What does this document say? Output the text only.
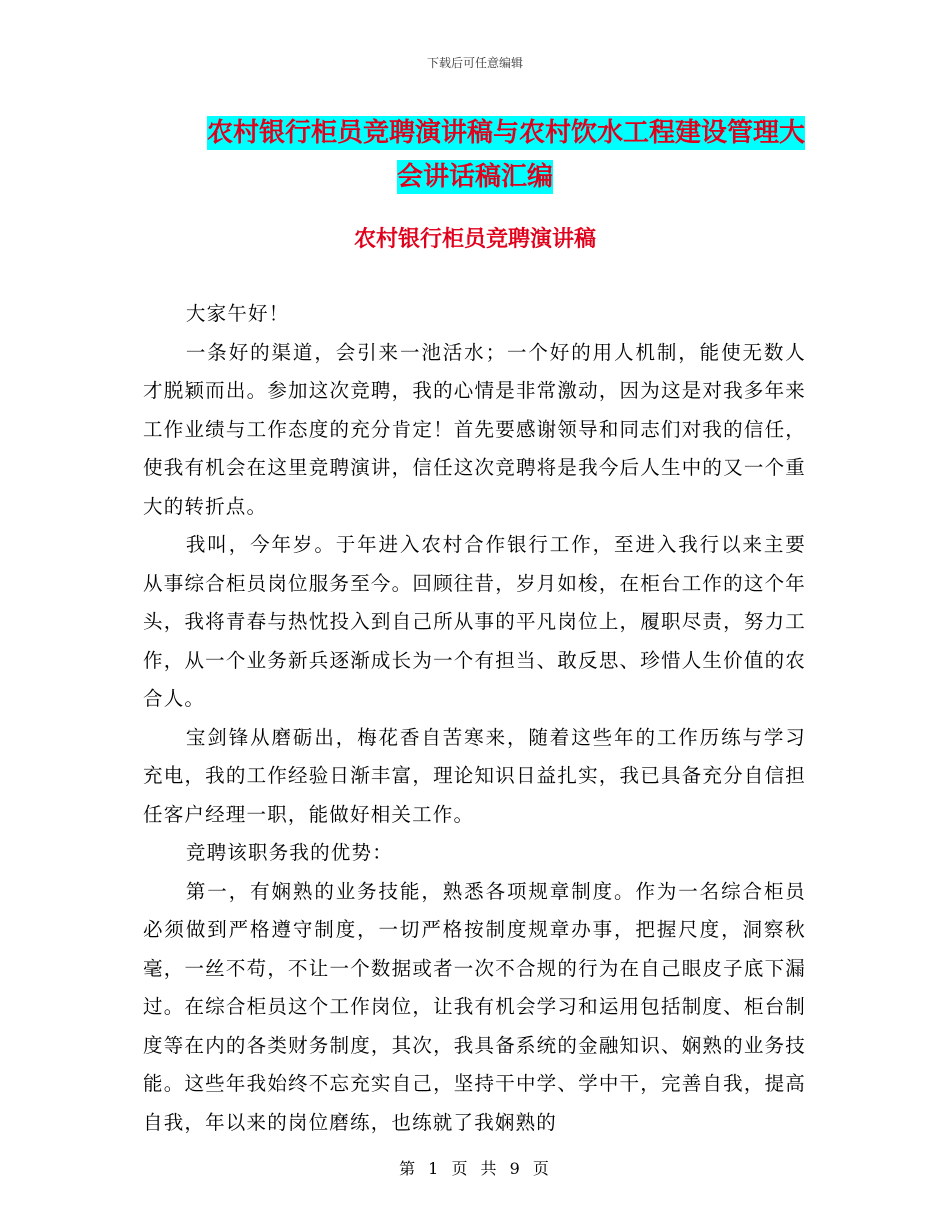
下载后可任意编辑
农村银行柜员竞聘演讲稿与农村饮水工程建设管理大
会讲话稿汇编
农村银行柜员竞聘演讲稿

大家午好！

一条好的渠道，会引来一池活水；一个好的用人机制，能使无数人才脱颖而出。参加这次竞聘，我的心情是非常激动，因为这是对我多年来工作业绩与工作态度的充分肯定！首先要感谢领导和同志们对我的信任，使我有机会在这里竞聘演讲，信任这次竞聘将是我今后人生中的又一个重大的转折点。

我叫，今年岁。于年进入农村合作银行工作，至进入我行以来主要从事综合柜员岗位服务至今。回顾往昔，岁月如梭，在柜台工作的这个年头，我将青春与热忱投入到自己所从事的平凡岗位上，履职尽责，努力工作，从一个业务新兵逐渐成长为一个有担当、敢反思、珍惜人生价值的农合人。

宝剑锋从磨砺出，梅花香自苦寒来，随着这些年的工作历练与学习充电，我的工作经验日渐丰富，理论知识日益扎实，我已具备充分自信担任客户经理一职，能做好相关工作。

竞聘该职务我的优势：

第一，有娴熟的业务技能，熟悉各项规章制度。作为一名综合柜员必须做到严格遵守制度，一切严格按制度规章办事，把握尺度，洞察秋毫，一丝不苟，不让一个数据或者一次不合规的行为在自己眼皮子底下漏过。在综合柜员这个工作岗位，让我有机会学习和运用包括制度、柜台制度等在内的各类财务制度，其次，我具备系统的金融知识、娴熟的业务技能。这些年我始终不忘充实自己，坚持干中学、学中干，完善自我，提高自我，年以来的岗位磨练，也练就了我娴熟的

第 1 页 共 9 页
